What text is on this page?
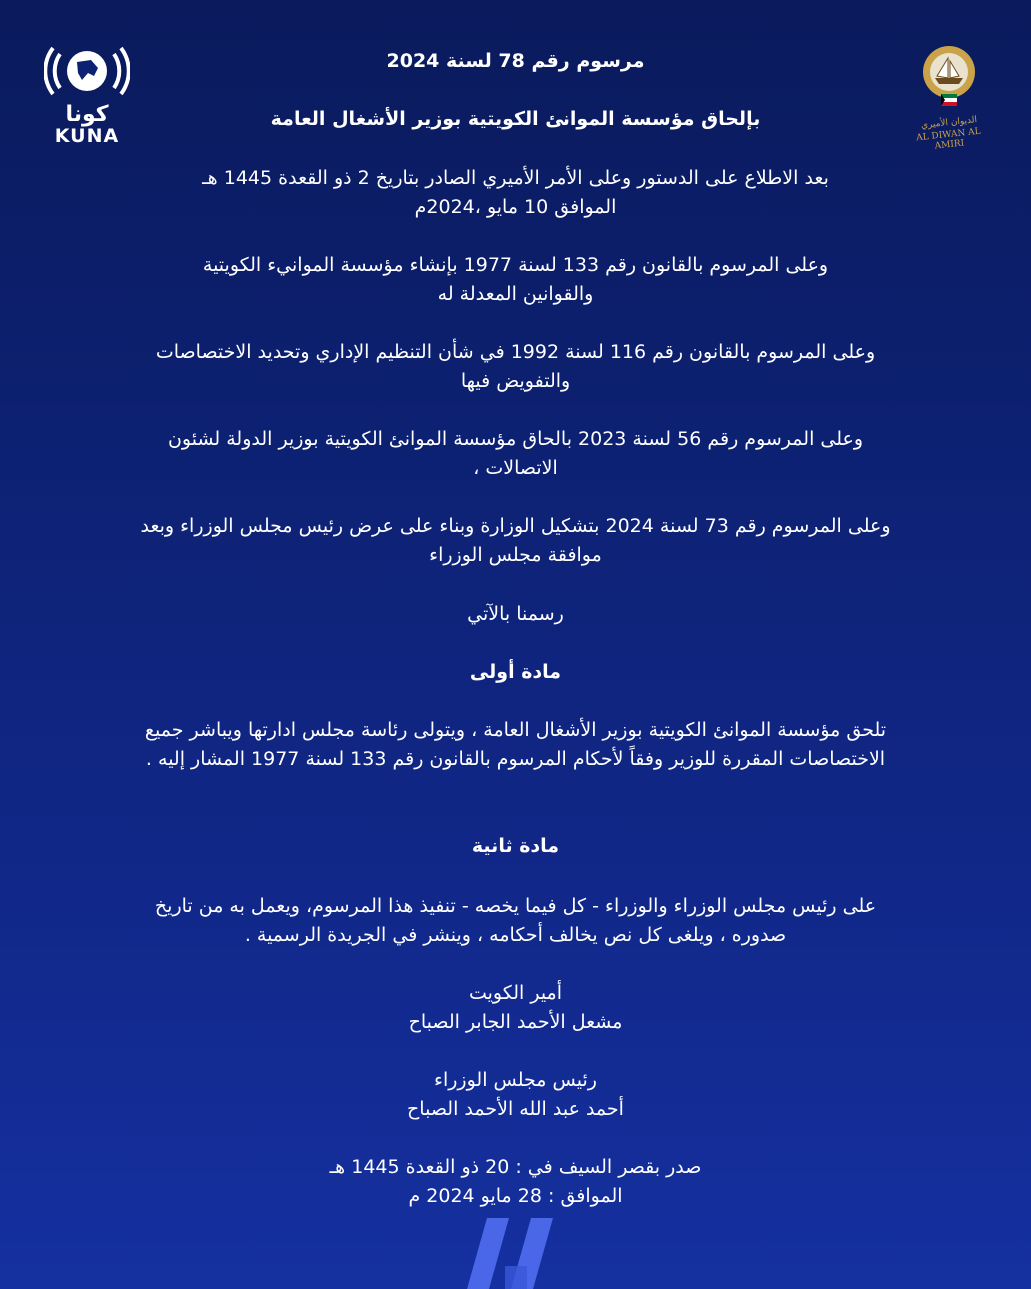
كونا
KUNA
الديوان الأميري
AL DIWAN AL AMIRI
مرسوم رقم 78 لسنة 2024
بإلحاق مؤسسة الموانئ الكويتية بوزير الأشغال العامة
بعد الاطلاع على الدستور وعلى الأمر الأميري الصادر بتاريخ 2 ذو القعدة 1445 هـ
الموافق 10 مايو ،2024م
وعلى المرسوم بالقانون رقم 133 لسنة 1977 بإنشاء مؤسسة الموانيء الكويتية
والقوانين المعدلة له
وعلى المرسوم بالقانون رقم 116 لسنة 1992 في شأن التنظيم الإداري وتحديد الاختصاصات
والتفويض فيها
وعلى المرسوم رقم 56 لسنة 2023 بالحاق مؤسسة الموانئ الكويتية بوزير الدولة لشئون
الاتصالات ،
وعلى المرسوم رقم 73 لسنة 2024 بتشكيل الوزارة وبناء على عرض رئيس مجلس الوزراء وبعد
موافقة مجلس الوزراء
رسمنا بالآتي
مادة أولى
تلحق مؤسسة الموانئ الكويتية بوزير الأشغال العامة ، ويتولى رئاسة مجلس ادارتها ويباشر جميع
الاختصاصات المقررة للوزير وفقاً لأحكام المرسوم بالقانون رقم 133 لسنة 1977 المشار إليه .
مادة ثانية
على رئيس مجلس الوزراء والوزراء - كل فيما يخصه - تنفيذ هذا المرسوم، ويعمل به من تاريخ
صدوره ، ويلغى كل نص يخالف أحكامه ، وينشر في الجريدة الرسمية .
أمير الكويت
مشعل الأحمد الجابر الصباح
رئيس مجلس الوزراء
أحمد عبد الله الأحمد الصباح
صدر بقصر السيف في : 20 ذو القعدة 1445 هـ
الموافق : 28 مايو 2024 م
